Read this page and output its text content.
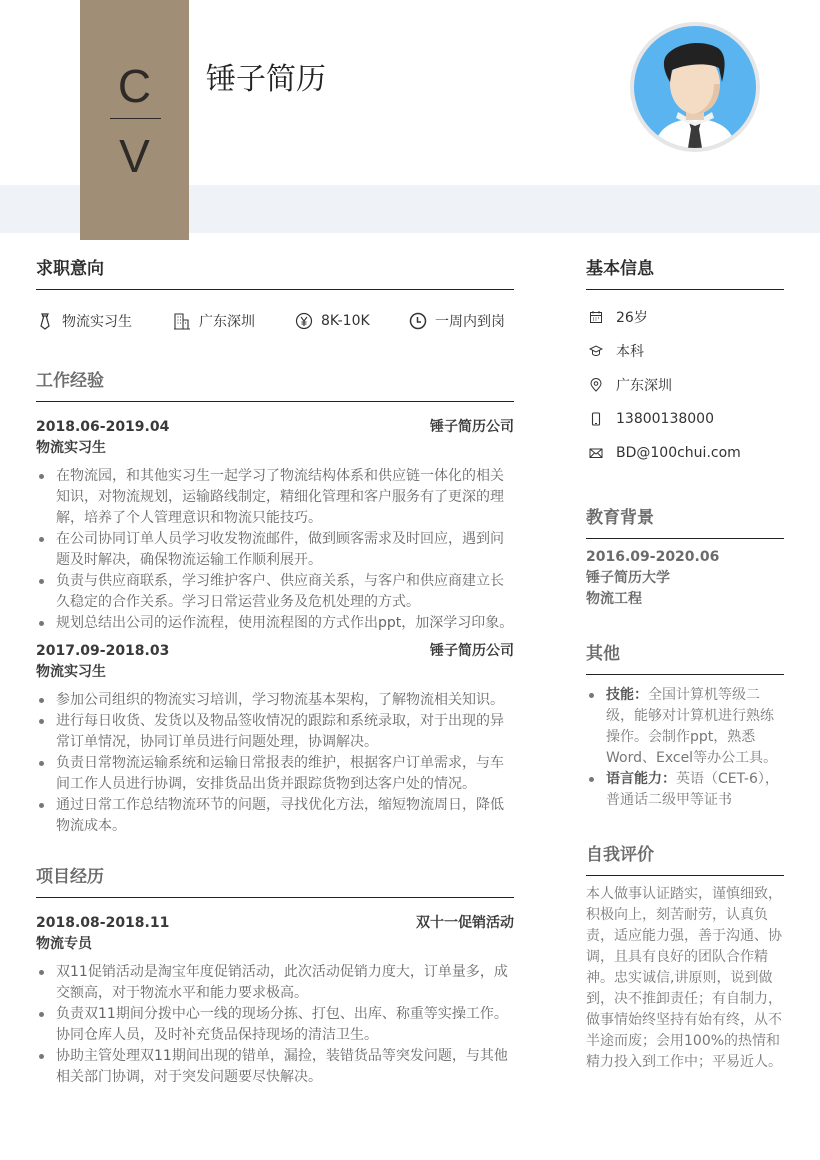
C
V
锤子简历
求职意向
物流实习生	广东深圳	8K-10K	一周内到岗
工作经验
2018.06-2019.04	锤子简历公司
物流实习生
在物流园，和其他实习生一起学习了物流结构体系和供应链一体化的相关知识，对物流规划，运输路线制定，精细化管理和客户服务有了更深的理解，培养了个人管理意识和物流只能技巧。
在公司协同订单人员学习收发物流邮件，做到顾客需求及时回应，遇到问题及时解决，确保物流运输工作顺利展开。
负责与供应商联系，学习维护客户、供应商关系，与客户和供应商建立长久稳定的合作关系。学习日常运营业务及危机处理的方式。
规划总结出公司的运作流程，使用流程图的方式作出ppt，加深学习印象。
2017.09-2018.03	锤子简历公司
物流实习生
参加公司组织的物流实习培训，学习物流基本架构，了解物流相关知识。
进行每日收货、发货以及物品签收情况的跟踪和系统录取，对于出现的异常订单情况，协同订单员进行问题处理，协调解决。
负责日常物流运输系统和运输日常报表的维护，根据客户订单需求，与车间工作人员进行协调，安排货品出货并跟踪货物到达客户处的情况。
通过日常工作总结物流环节的问题，寻找优化方法，缩短物流周日，降低物流成本。
项目经历
2018.08-2018.11	双十一促销活动
物流专员
双11促销活动是淘宝年度促销活动，此次活动促销力度大，订单量多，成交额高，对于物流水平和能力要求极高。
负责双11期间分拨中心一线的现场分拣、打包、出库、称重等实操工作。协同仓库人员，及时补充货品保持现场的清洁卫生。
协助主管处理双11期间出现的错单，漏捡，装错货品等突发问题，与其他相关部门协调，对于突发问题要尽快解决。
基本信息
26岁
本科
广东深圳
13800138000
BD@100chui.com
教育背景
2016.09-2020.06
锤子简历大学
物流工程
其他
技能：全国计算机等级二级，能够对计算机进行熟练操作。会制作ppt，熟悉Word、Excel等办公工具。
语言能力：英语（CET-6），普通话二级甲等证书
自我评价

本人做事认证踏实，谨慎细致，积极向上，刻苦耐劳，认真负责，适应能力强，善于沟通、协调，且具有良好的团队合作精神。忠实诚信,讲原则，说到做到，决不推卸责任；有自制力，做事情始终坚持有始有终，从不半途而废；会用100%的热情和精力投入到工作中；平易近人。
